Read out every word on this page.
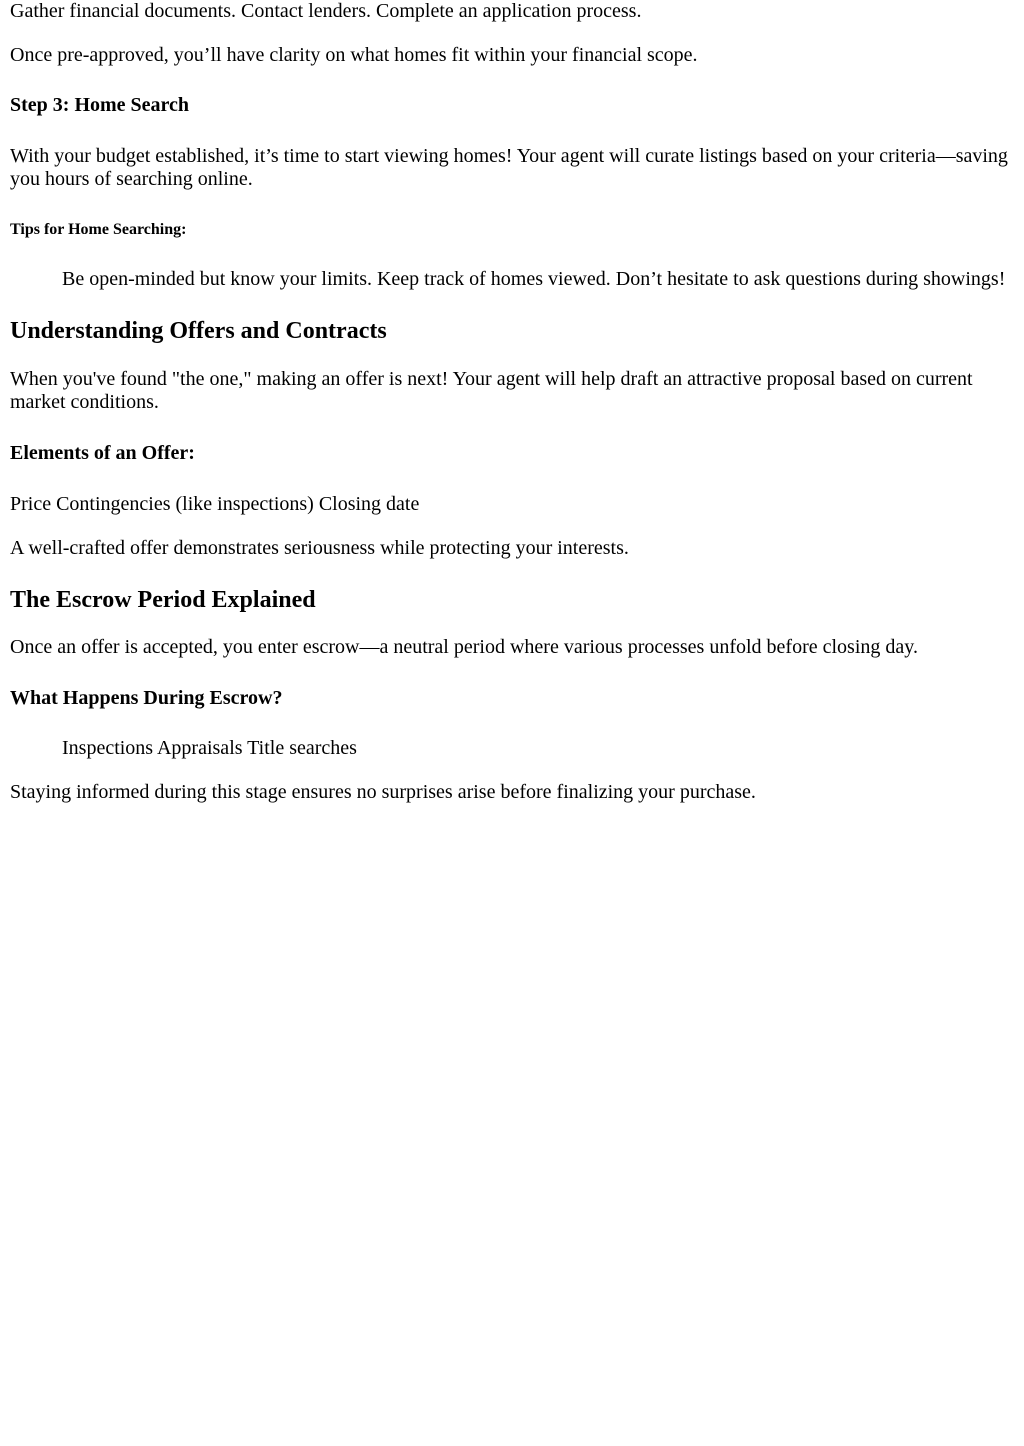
Gather financial documents. Contact lenders. Complete an application process.

Once pre-approved, you’ll have clarity on what homes fit within your financial scope.

Step 3: Home Search

With your budget established, it’s time to start viewing homes! Your agent will curate listings based on your criteria—saving you hours of searching online.

Tips for Home Searching:

Be open-minded but know your limits. Keep track of homes viewed. Don’t hesitate to ask questions during showings!

Understanding Offers and Contracts

When you've found "the one," making an offer is next! Your agent will help draft an attractive proposal based on current market conditions.

Elements of an Offer:

Price Contingencies (like inspections) Closing date

A well-crafted offer demonstrates seriousness while protecting your interests.

The Escrow Period Explained

Once an offer is accepted, you enter escrow—a neutral period where various processes unfold before closing day.

What Happens During Escrow?

Inspections Appraisals Title searches

Staying informed during this stage ensures no surprises arise before finalizing your purchase.
